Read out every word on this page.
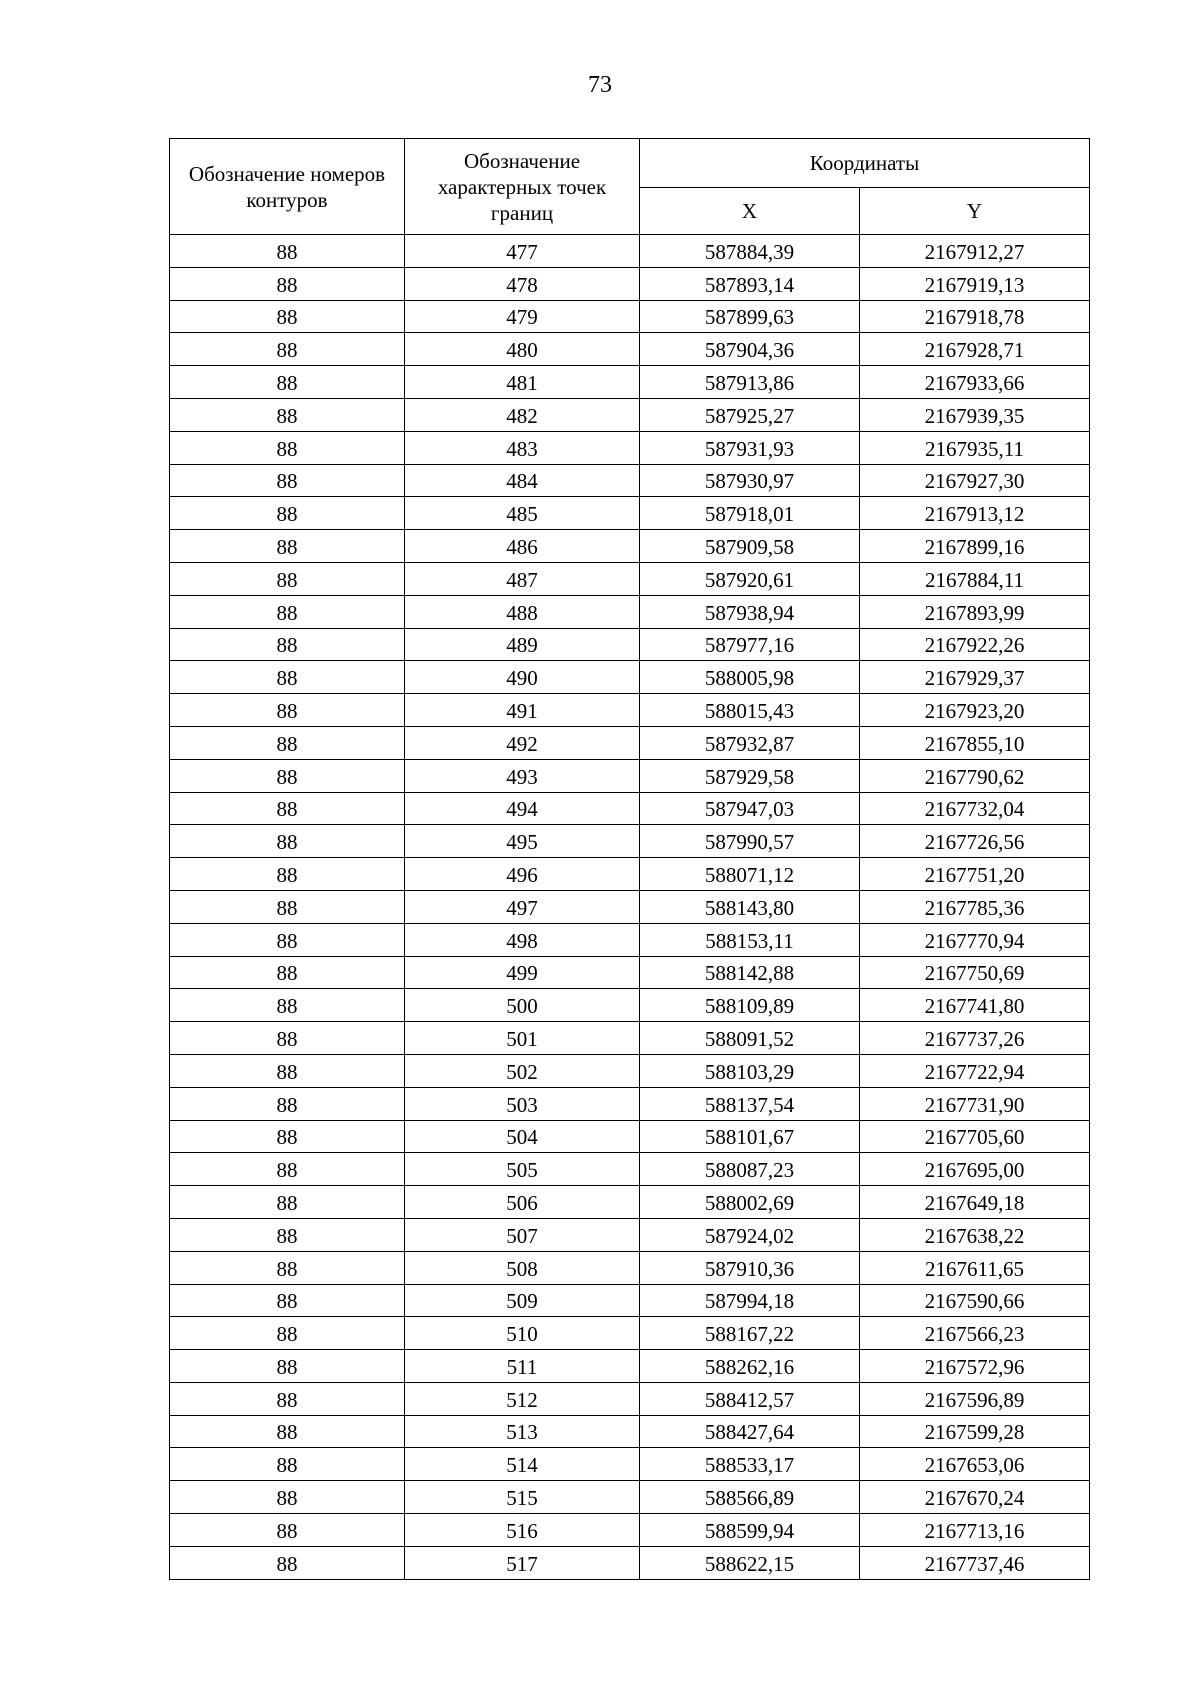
73
Обозначение номеров контуров	Обозначение характерных точек границ	Координаты	
		X	Y
88	477	587884,39	2167912,27
88	478	587893,14	2167919,13
88	479	587899,63	2167918,78
88	480	587904,36	2167928,71
88	481	587913,86	2167933,66
88	482	587925,27	2167939,35
88	483	587931,93	2167935,11
88	484	587930,97	2167927,30
88	485	587918,01	2167913,12
88	486	587909,58	2167899,16
88	487	587920,61	2167884,11
88	488	587938,94	2167893,99
88	489	587977,16	2167922,26
88	490	588005,98	2167929,37
88	491	588015,43	2167923,20
88	492	587932,87	2167855,10
88	493	587929,58	2167790,62
88	494	587947,03	2167732,04
88	495	587990,57	2167726,56
88	496	588071,12	2167751,20
88	497	588143,80	2167785,36
88	498	588153,11	2167770,94
88	499	588142,88	2167750,69
88	500	588109,89	2167741,80
88	501	588091,52	2167737,26
88	502	588103,29	2167722,94
88	503	588137,54	2167731,90
88	504	588101,67	2167705,60
88	505	588087,23	2167695,00
88	506	588002,69	2167649,18
88	507	587924,02	2167638,22
88	508	587910,36	2167611,65
88	509	587994,18	2167590,66
88	510	588167,22	2167566,23
88	511	588262,16	2167572,96
88	512	588412,57	2167596,89
88	513	588427,64	2167599,28
88	514	588533,17	2167653,06
88	515	588566,89	2167670,24
88	516	588599,94	2167713,16
88	517	588622,15	2167737,46
